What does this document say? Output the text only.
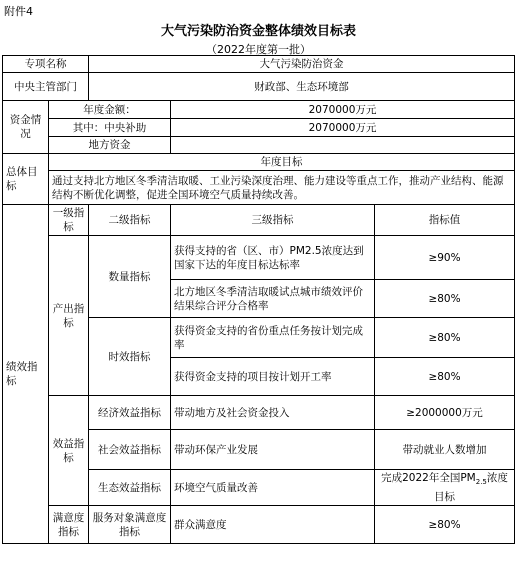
附件4
大气污染防治资金整体绩效目标表
（2022年度第一批）
专项名称		大气污染防治资金		
中央主管部门		财政部、生态环境部		
资金情况	年度金额：		2070000万元	
	其中：中央补助		2070000万元	
	地方资金			
总体目标	年度目标			
	通过支持北方地区冬季清洁取暖、工业污染深度治理、能力建设等重点工作，推动产业结构、能源结构不断优化调整，促进全国环境空气质量持续改善。			
绩效指标	一级指标	二级指标	三级指标	指标值
	产出指标	数量指标	获得支持的省（区、市）PM2.5浓度达到国家下达的年度目标达标率	≥90%
			北方地区冬季清洁取暖试点城市绩效评价结果综合评分合格率	≥80%
		时效指标	获得资金支持的省份重点任务按计划完成率	≥80%
			获得资金支持的项目按计划开工率	≥80%
	效益指标	经济效益指标	带动地方及社会资金投入	≥2000000万元
		社会效益指标	带动环保产业发展	带动就业人数增加
		生态效益指标	环境空气质量改善	完成2022年全国$PM_{2.5}$浓度目标
	满意度指标	服务对象满意度指标	群众满意度	≥80%
